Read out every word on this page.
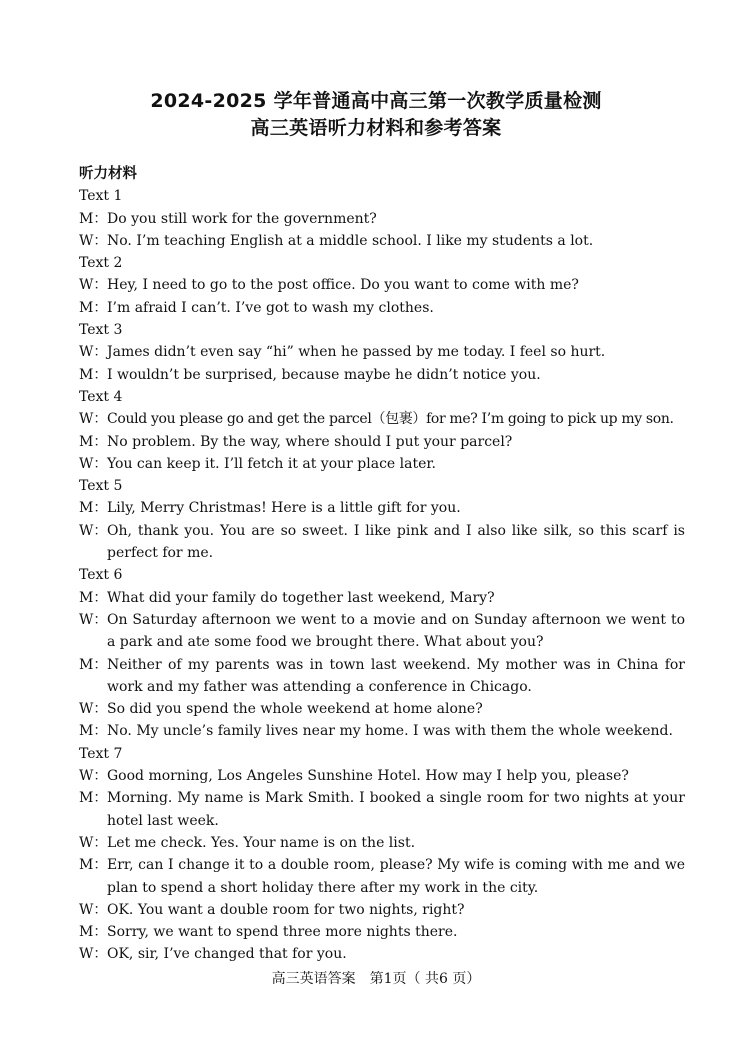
2024-2025 学年普通高中高三第一次教学质量检测
高三英语听力材料和参考答案
听力材料
Text 1
M： Do you still work for the government?
W： No. I’m teaching English at a middle school. I like my students a lot.
Text 2
W： Hey, I need to go to the post office. Do you want to come with me?
M： I’m afraid I can’t. I’ve got to wash my clothes.
Text 3
W： James didn’t even say “hi” when he passed by me today. I feel so hurt.
M： I wouldn’t be surprised, because maybe he didn’t notice you.
Text 4
W： Could you please go and get the parcel（包裹）for me? I’m going to pick up my son.
M： No problem. By the way, where should I put your parcel?
W： You can keep it. I’ll fetch it at your place later.
Text 5
M： Lily, Merry Christmas! Here is a little gift for you.
W： Oh, thank you. You are so sweet. I like pink and I also like silk, so this scarf is perfect for me.
Text 6
M： What did your family do together last weekend, Mary?
W： On Saturday afternoon we went to a movie and on Sunday afternoon we went to a park and ate some food we brought there. What about you?
M： Neither of my parents was in town last weekend. My mother was in China for work and my father was attending a conference in Chicago.
W： So did you spend the whole weekend at home alone?
M： No. My uncle’s family lives near my home. I was with them the whole weekend.
Text 7
W： Good morning, Los Angeles Sunshine Hotel. How may I help you, please?
M： Morning. My name is Mark Smith. I booked a single room for two nights at your hotel last week.
W： Let me check. Yes. Your name is on the list.
M： Err, can I change it to a double room, please? My wife is coming with me and we plan to spend a short holiday there after my work in the city.
W： OK. You want a double room for two nights, right?
M： Sorry, we want to spend three more nights there.
W： OK, sir, I’ve changed that for you.
高三英语答案　第1页（ 共6 页）
